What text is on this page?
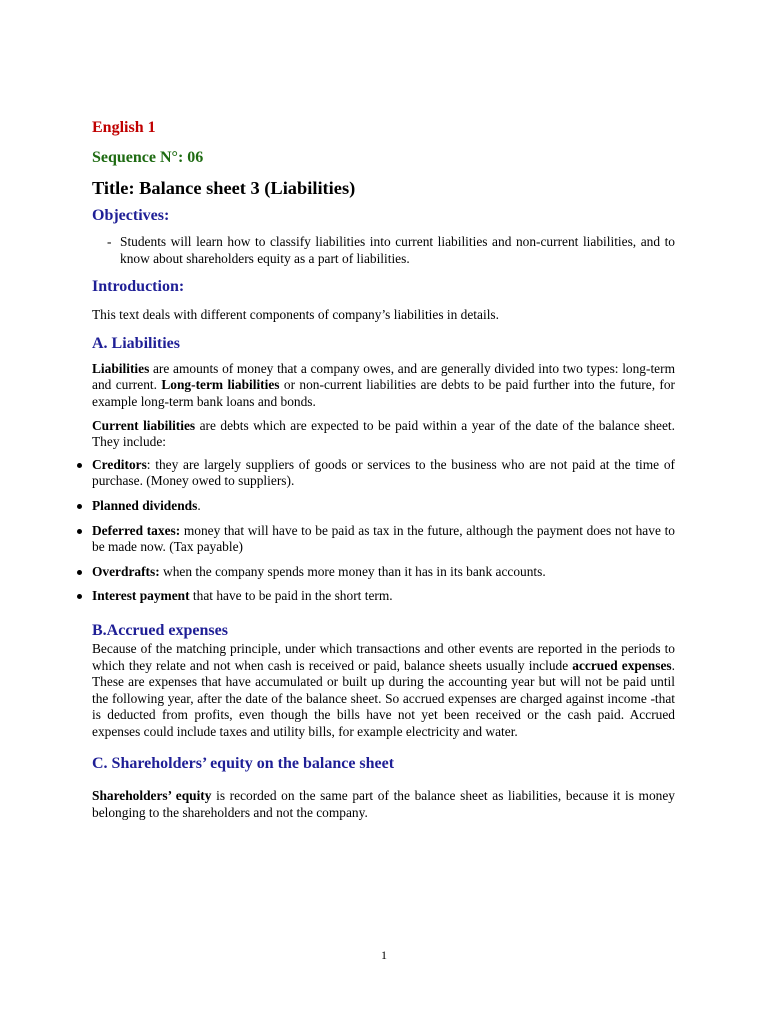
English 1
Sequence N°: 06
Title: Balance sheet 3 (Liabilities)
Objectives:
- Students will learn how to classify liabilities into current liabilities and non-current liabilities, and to know about shareholders equity as a part of liabilities.
Introduction:

This text deals with different components of company’s liabilities in details.

A. Liabilities

Liabilities are amounts of money that a company owes, and are generally divided into two types: long-term and current. Long-term liabilities or non-current liabilities are debts to be paid further into the future, for example long-term bank loans and bonds.

Current liabilities are debts which are expected to be paid within a year of the date of the balance sheet. They include:

Creditors: they are largely suppliers of goods or services to the business who are not paid at the time of purchase. (Money owed to suppliers).
Planned dividends.
Deferred taxes: money that will have to be paid as tax in the future, although the payment does not have to be made now. (Tax payable)
Overdrafts: when the company spends more money than it has in its bank accounts.
Interest payment that have to be paid in the short term.
B.Accrued expenses

Because of the matching principle, under which transactions and other events are reported in the periods to which they relate and not when cash is received or paid, balance sheets usually include accrued expenses. These are expenses that have accumulated or built up during the accounting year but will not be paid until the following year, after the date of the balance sheet. So accrued expenses are charged against income -that is deducted from profits, even though the bills have not yet been received or the cash paid. Accrued expenses could include taxes and utility bills, for example electricity and water.

C. Shareholders’ equity on the balance sheet

Shareholders’ equity is recorded on the same part of the balance sheet as liabilities, because it is money belonging to the shareholders and not the company.

1
